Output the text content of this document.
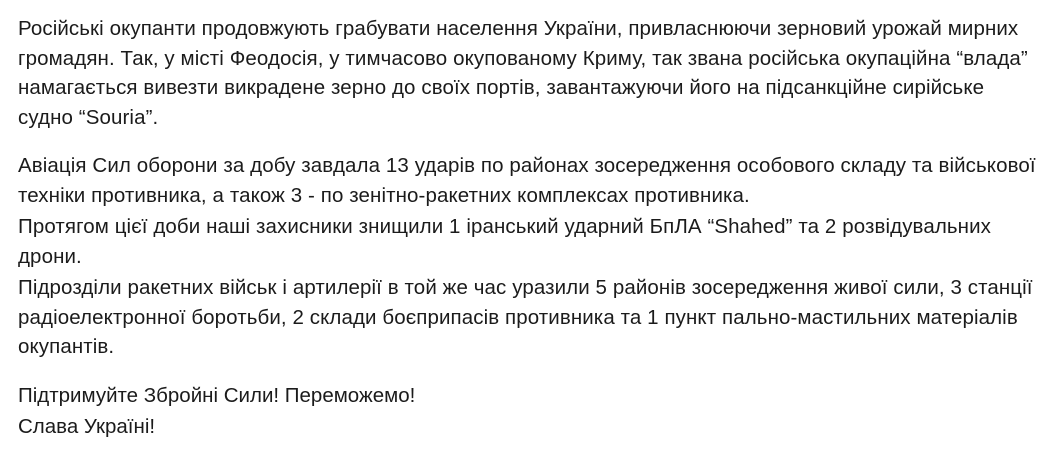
Російські окупанти продовжують грабувати населення України, привласнюючи зерновий урожай мирних громадян. Так, у місті Феодосія, у тимчасово окупованому Криму, так звана російська окупаційна “влада” намагається вивезти викрадене зерно до своїх портів, завантажуючи його на підсанкційне сирійське судно “Souria”.

Авіація Сил оборони за добу завдала 13 ударів по районах зосередження особового складу та військової техніки противника, а також 3 - по зенітно-ракетних комплексах противника.

Протягом цієї доби наші захисники знищили 1 іранський ударний БпЛА “Shahed” та 2 розвідувальних дрони.

Підрозділи ракетних військ і артилерії в той же час уразили 5 районів зосередження живої сили, 3 станції радіоелектронної боротьби, 2 склади боєприпасів противника та 1 пункт пально-мастильних матеріалів окупантів.

Підтримуйте Збройні Сили! Переможемо!
Слава Україні!
